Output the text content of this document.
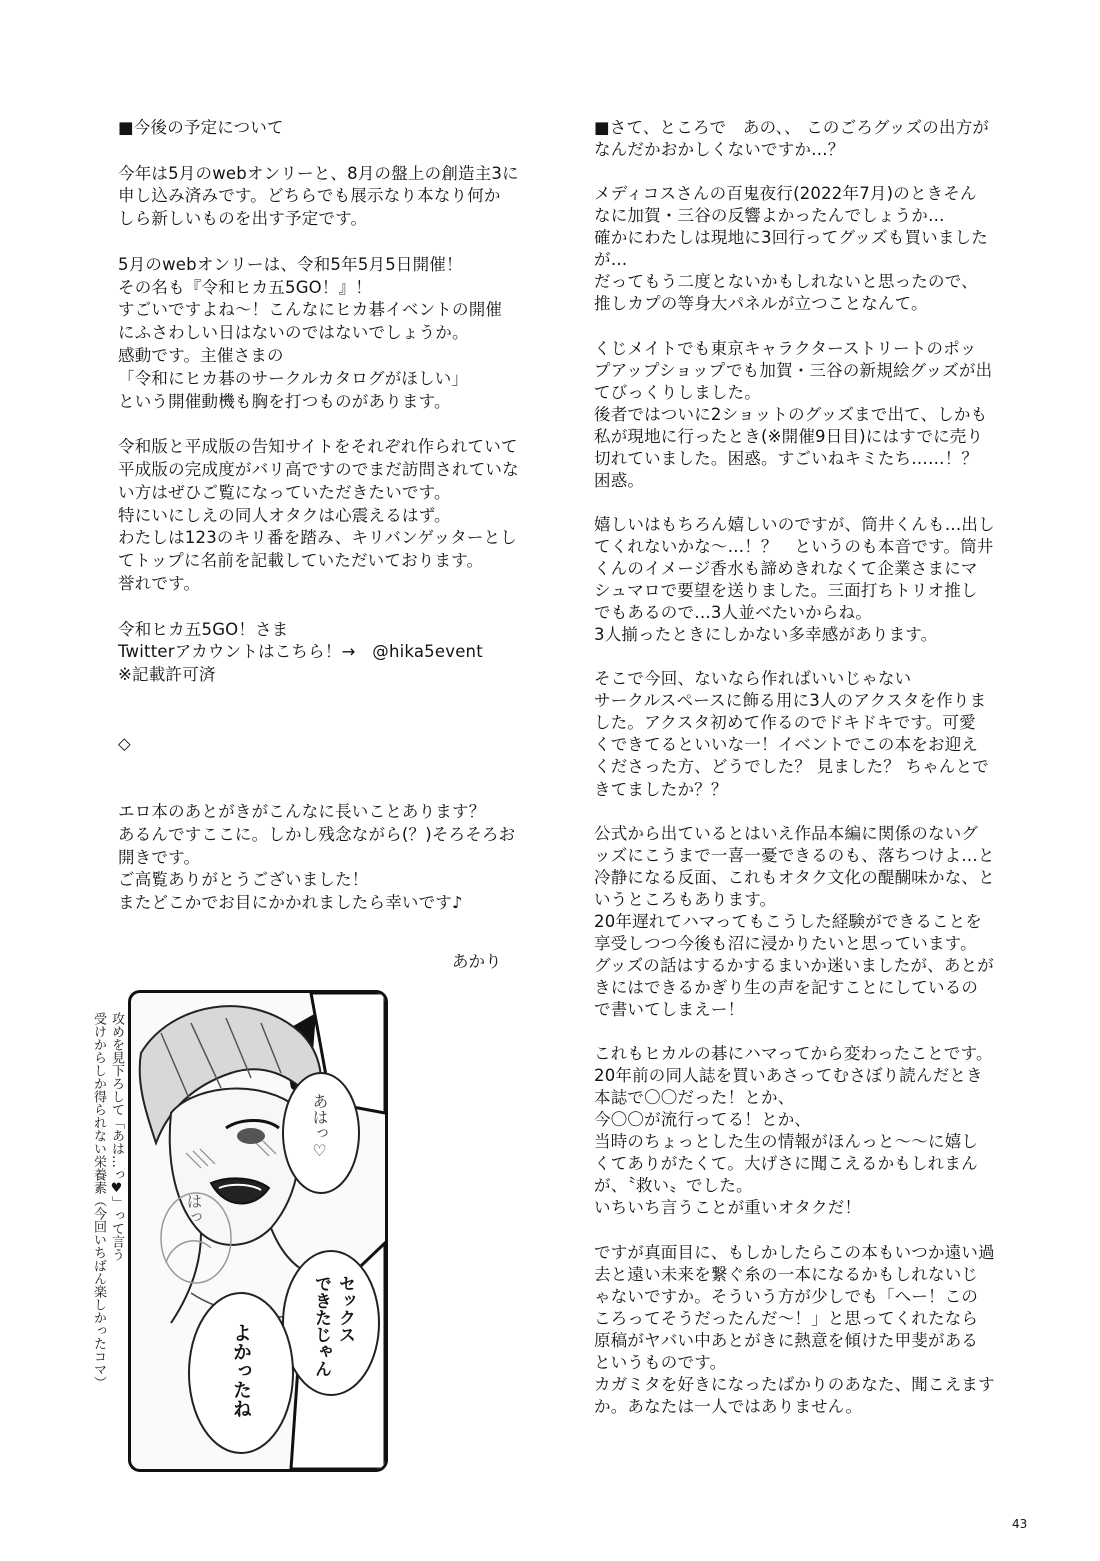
■今後の予定について
今年は5月のwebオンリーと、8月の盤上の創造主3に
申し込み済みです。どちらでも展示なり本なり何か
しら新しいものを出す予定です。
5月のwebオンリーは、令和5年5月5日開催！
その名も『令和ヒカ五5GO！』！
すごいですよね〜！こんなにヒカ碁イベントの開催
にふさわしい日はないのではないでしょうか。
感動です。主催さまの
「令和にヒカ碁のサークルカタログがほしい」
という開催動機も胸を打つものがあります。
令和版と平成版の告知サイトをそれぞれ作られていて
平成版の完成度がバリ高ですのでまだ訪問されていな
い方はぜひご覧になっていただきたいです。
特にいにしえの同人オタクは心震えるはず。
わたしは123のキリ番を踏み、キリバンゲッターとし
てトップに名前を記載していただいております。
誉れです。
令和ヒカ五5GO！さま
Twitterアカウントはこちら！→　@hika5event
※記載許可済
◇
エロ本のあとがきがこんなに長いことあります？
あるんですここに。しかし残念ながら(？)そろそろお
開きです。
ご高覧ありがとうございました！
またどこかでお目にかかれましたら幸いです♪
■さて、ところで　あの、、 このごろグッズの出方が
なんだかおかしくないですか…？
メディコスさんの百鬼夜行(2022年7月)のときそん
なに加賀・三谷の反響よかったんでしょうか…
確かにわたしは現地に3回行ってグッズも買いました
が…
だってもう二度とないかもしれないと思ったので、
推しカプの等身大パネルが立つことなんて。
くじメイトでも東京キャラクターストリートのポッ
プアップショップでも加賀・三谷の新規絵グッズが出
てびっくりしました。
後者ではついに2ショットのグッズまで出て、しかも
私が現地に行ったとき(※開催9日目)にはすでに売り
切れていました。困惑。すごいねキミたち……！？
困惑。
嬉しいはもちろん嬉しいのですが、筒井くんも…出し
てくれないかな〜…！？　というのも本音です。筒井
くんのイメージ香水も諦めきれなくて企業さまにマ
シュマロで要望を送りました。三面打ちトリオ推し
でもあるので…3人並べたいからね。
3人揃ったときにしかない多幸感があります。
そこで今回、ないなら作ればいいじゃない
サークルスペースに飾る用に3人のアクスタを作りま
した。アクスタ初めて作るのでドキドキです。可愛
くできてるといいな一！イベントでこの本をお迎え
くださった方、どうでした？ 見ました？ ちゃんとで
きてましたか？？
公式から出ているとはいえ作品本編に関係のないグ
ッズにこうまで一喜一憂できるのも、落ちつけよ…と
冷静になる反面、これもオタク文化の醍醐味かな、と
いうところもあります。
20年遅れてハマってもこうした経験ができることを
享受しつつ今後も沼に浸かりたいと思っています。
グッズの話はするかするまいか迷いましたが、あとが
きにはできるかぎり生の声を記すことにしているの
で書いてしまえー！
これもヒカルの碁にハマってから変わったことです。
20年前の同人誌を買いあさってむさぼり読んだとき
本誌で〇〇だった！とか、
今〇〇が流行ってる！とか、
当時のちょっとした生の情報がほんっと〜〜に嬉し
くてありがたくて。大げさに聞こえるかもしれまん
が、〝救い〟でした。
いちいち言うことが重いオタクだ！
ですが真面目に、もしかしたらこの本もいつか遠い過
去と遠い未来を繋ぐ糸の一本になるかもしれないじ
ゃないですか。そういう方が少しでも「へー！この
ころってそうだったんだ〜！」と思ってくれたなら
原稿がヤバい中あとがきに熱意を傾けた甲斐がある
というものです。
カガミタを好きになったばかりのあなた、聞こえます
か。あなたは一人ではありません。
あかり
攻めを見下ろして「あは…っ♥」って言う
受けからしか得られない栄養素（今回いちばん楽しかったコマ）	あはっ♡
はっ
セックス
できたじゃん
よかったね
43
